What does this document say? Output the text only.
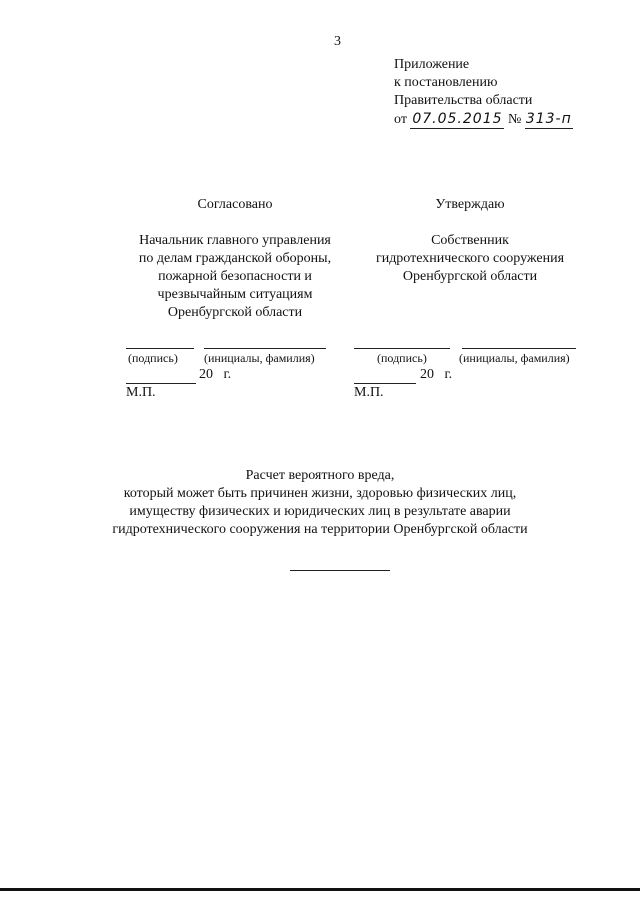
3
Приложение
к постановлению
Правительства области
от 07.05.2015 № 313-п
Согласовано
Начальник главного управления
по делам гражданской обороны,
пожарной безопасности и
чрезвычайным ситуациям
Оренбургской области
(подпись) (инициалы, фамилия)
20 г.
М.П.
Утверждаю
Собственник
гидротехнического сооружения
Оренбургской области
(подпись)	(инициалы, фамилия)
20 г.
М.П.
Расчет вероятного вреда,
который может быть причинен жизни, здоровью физических лиц,
имуществу физических и юридических лиц в результате аварии
гидротехнического сооружения на территории Оренбургской области
